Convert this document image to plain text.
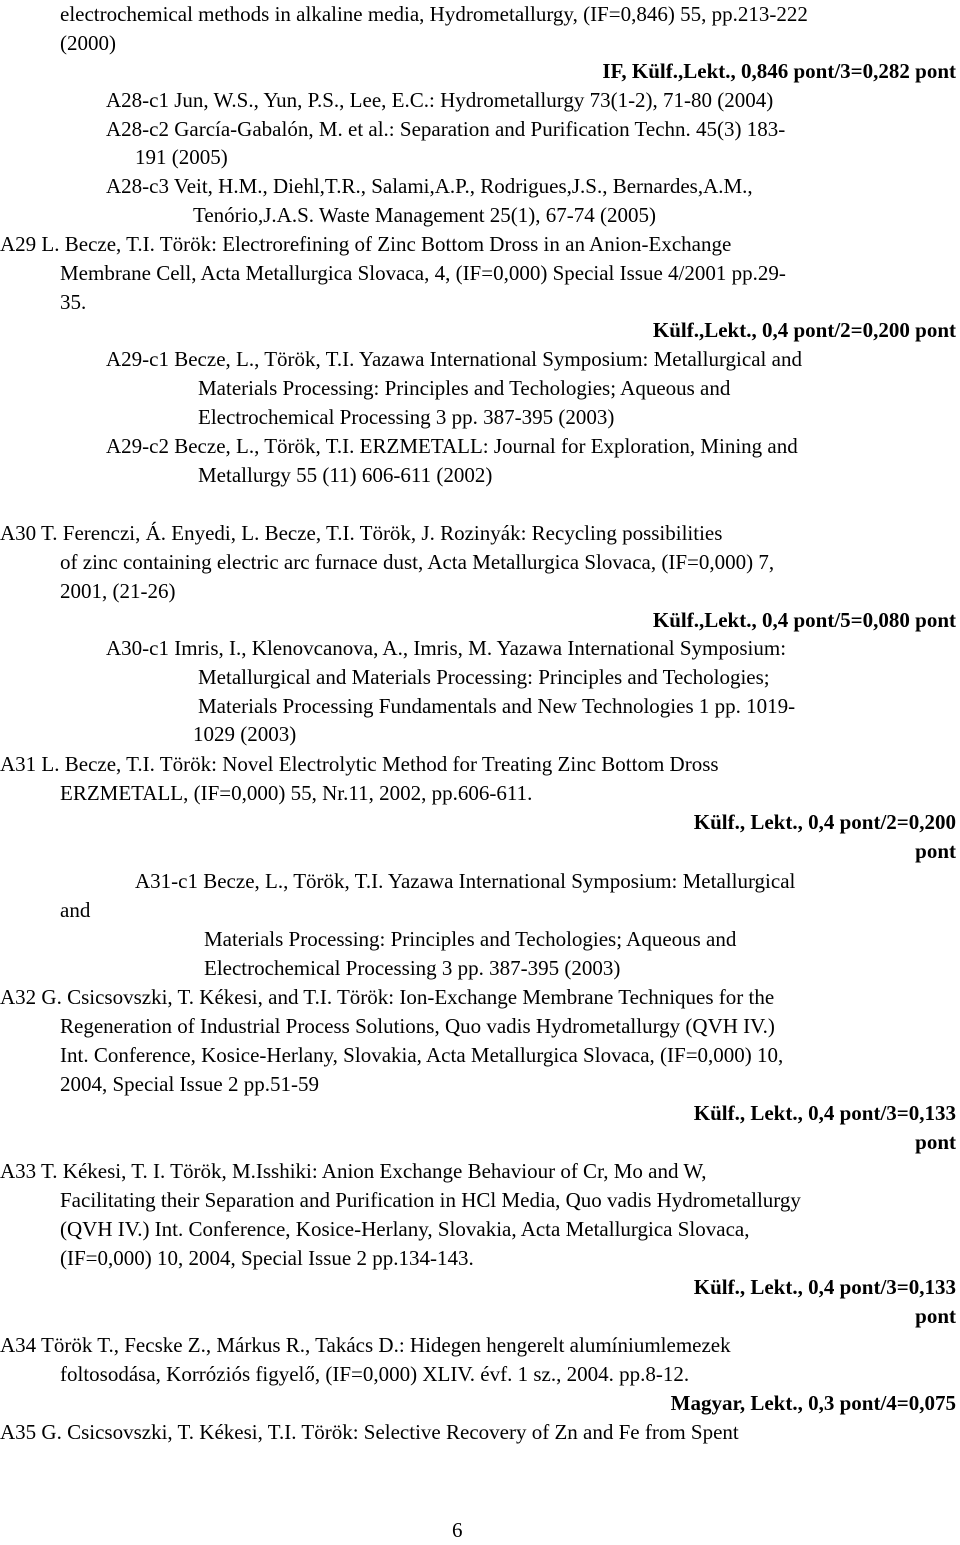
electrochemical methods in alkaline media, Hydrometallurgy, (IF=0,846) 55, pp.213-222
(2000)
IF, Külf.,Lekt., 0,846 pont/3=0,282 pont
A28-c1 Jun, W.S., Yun, P.S., Lee, E.C.: Hydrometallurgy 73(1-2), 71-80 (2004)
A28-c2 García-Gabalón, M. et al.: Separation and Purification Techn. 45(3) 183-
191 (2005)
A28-c3 Veit, H.M., Diehl,T.R., Salami,A.P., Rodrigues,J.S., Bernardes,A.M.,
Tenório,J.A.S. Waste Management 25(1), 67-74 (2005)
A29 L. Becze, T.I. Török: Electrorefining of Zinc Bottom Dross in an Anion-Exchange
Membrane Cell, Acta Metallurgica Slovaca, 4, (IF=0,000) Special Issue 4/2001 pp.29-
35.
Külf.,Lekt., 0,4 pont/2=0,200 pont
A29-c1 Becze, L., Török, T.I. Yazawa International Symposium: Metallurgical and
Materials Processing: Principles and Techologies; Aqueous and
Electrochemical Processing 3 pp. 387-395 (2003)
A29-c2 Becze, L., Török, T.I. ERZMETALL: Journal for Exploration, Mining and
Metallurgy 55 (11) 606-611 (2002)
A30 T. Ferenczi, Á. Enyedi, L. Becze, T.I. Török, J. Rozinyák: Recycling possibilities
of zinc containing electric arc furnace dust, Acta Metallurgica Slovaca, (IF=0,000) 7,
2001, (21-26)
Külf.,Lekt., 0,4 pont/5=0,080 pont
A30-c1 Imris, I., Klenovcanova, A., Imris, M. Yazawa International Symposium:
Metallurgical and Materials Processing: Principles and Techologies;
Materials Processing Fundamentals and New Technologies 1 pp. 1019-
1029 (2003)
A31 L. Becze, T.I. Török: Novel Electrolytic Method for Treating Zinc Bottom Dross
ERZMETALL, (IF=0,000) 55, Nr.11, 2002, pp.606-611.
Külf., Lekt., 0,4 pont/2=0,200
pont
A31-c1 Becze, L., Török, T.I. Yazawa International Symposium: Metallurgical
and
Materials Processing: Principles and Techologies; Aqueous and
Electrochemical Processing 3 pp. 387-395 (2003)
A32 G. Csicsovszki, T. Kékesi, and T.I. Török: Ion-Exchange Membrane Techniques for the
Regeneration of Industrial Process Solutions, Quo vadis Hydrometallurgy (QVH IV.)
Int. Conference, Kosice-Herlany, Slovakia, Acta Metallurgica Slovaca, (IF=0,000) 10,
2004, Special Issue 2 pp.51-59
Külf., Lekt., 0,4 pont/3=0,133
pont
A33 T. Kékesi, T. I. Török, M.Isshiki: Anion Exchange Behaviour of Cr, Mo and W,
Facilitating their Separation and Purification in HCl Media, Quo vadis Hydrometallurgy
(QVH IV.) Int. Conference, Kosice-Herlany, Slovakia, Acta Metallurgica Slovaca,
(IF=0,000) 10, 2004, Special Issue 2 pp.134-143.
Külf., Lekt., 0,4 pont/3=0,133
pont
A34 Török T., Fecske Z., Márkus R., Takács D.: Hidegen hengerelt alumíniumlemezek
foltosodása, Korróziós figyelő, (IF=0,000) XLIV. évf. 1 sz., 2004. pp.8-12.
Magyar, Lekt., 0,3 pont/4=0,075
A35 G. Csicsovszki, T. Kékesi, T.I. Török: Selective Recovery of Zn and Fe from Spent
6
